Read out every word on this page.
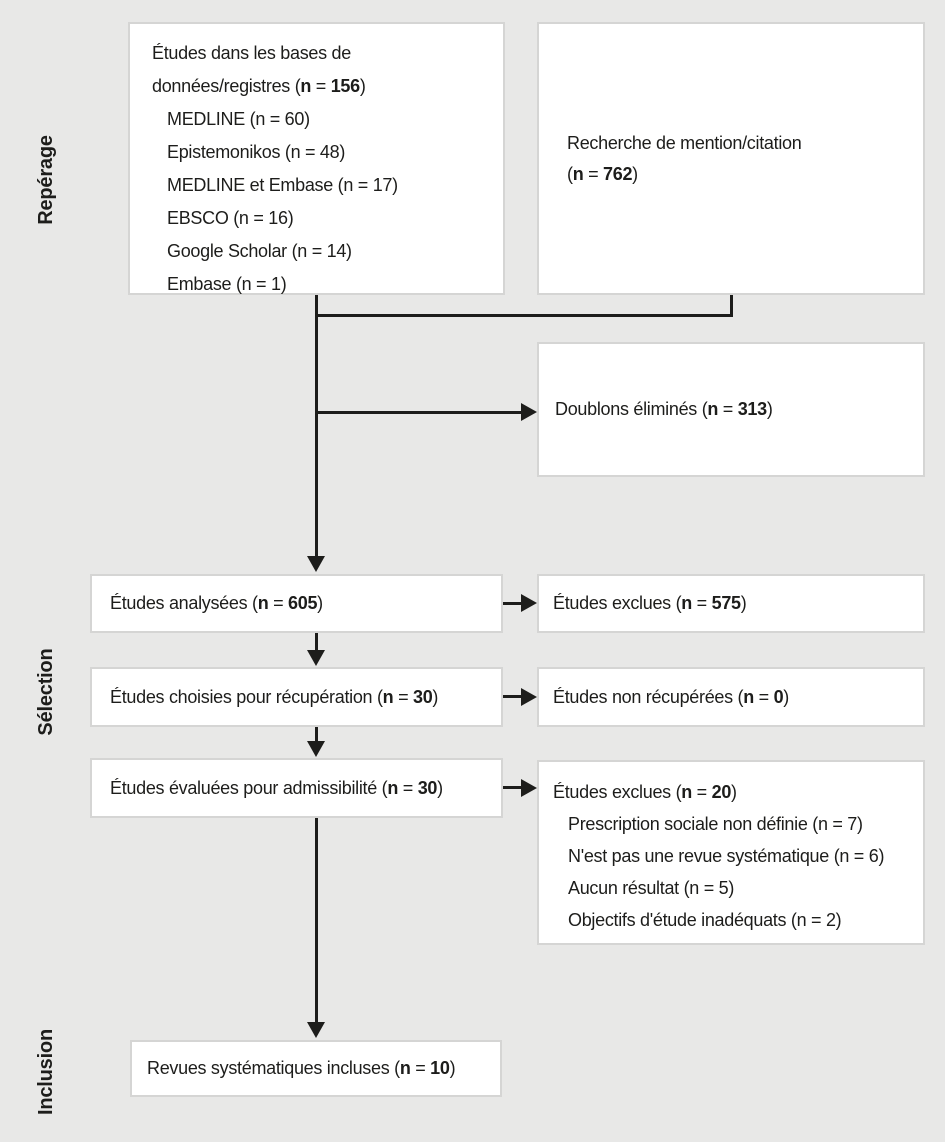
Repérage
Sélection
Inclusion
Études dans les bases de données/registres (n = 156)
MEDLINE (n = 60)
Epistemonikos (n = 48)
MEDLINE et Embase (n = 17)
EBSCO (n = 16)
Google Scholar (n = 14)
Embase (n = 1)
Recherche de mention/citation
(n = 762)
Doublons éliminés (n = 313)
Études analysées (n = 605)	Études exclues (n = 575)
Études choisies pour récupération (n = 30)	Études non récupérées (n = 0)
Études évaluées pour admissibilité (n = 30)	Études exclues (n = 20)
Prescription sociale non définie (n = 7)
N'est pas une revue systématique (n = 6)
Aucun résultat (n = 5)
Objectifs d'étude inadéquats (n = 2)
Revues systématiques incluses (n = 10)
